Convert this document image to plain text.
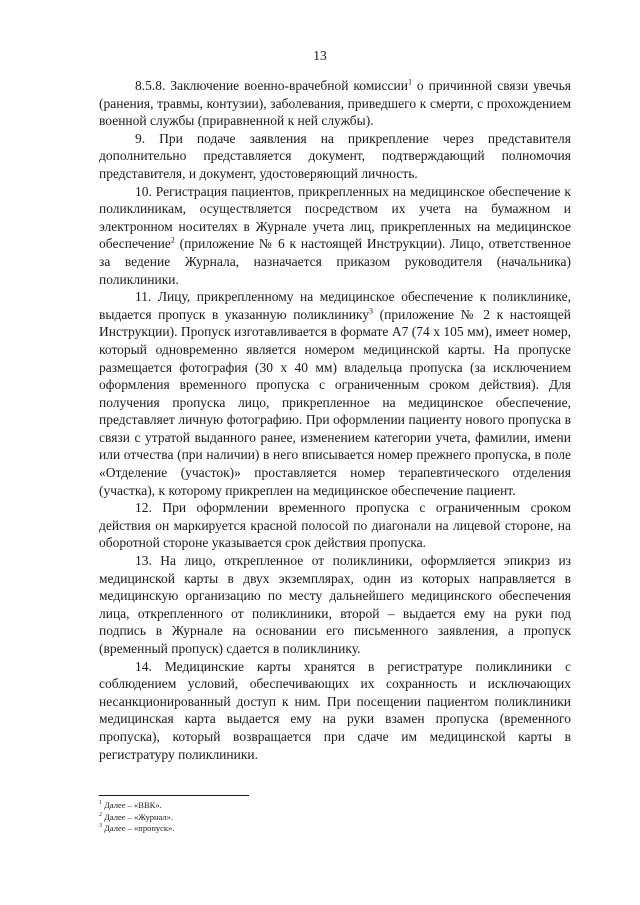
13

8.5.8. Заключение военно-врачебной комиссии$^1$ о причинной связи увечья (ранения, травмы, контузии), заболевания, приведшего к смерти, с прохождением военной службы (приравненной к ней службы).

9. При подаче заявления на прикрепление через представителя дополнительно представляется документ, подтверждающий полномочия представителя, и документ, удостоверяющий личность.

10. Регистрация пациентов, прикрепленных на медицинское обеспечение к поликлиникам, осуществляется посредством их учета на бумажном и электронном носителях в Журнале учета лиц, прикрепленных на медицинское обеспечение$^2$ (приложение № 6 к настоящей Инструкции). Лицо, ответственное за ведение Журнала, назначается приказом руководителя (начальника) поликлиники.

11. Лицу, прикрепленному на медицинское обеспечение к поликлинике, выдается пропуск в указанную поликлинику$^3$ (приложение № 2 к настоящей Инструкции). Пропуск изготавливается в формате А7 (74 х 105 мм), имеет номер, который одновременно является номером медицинской карты. На пропуске размещается фотография (30 х 40 мм) владельца пропуска (за исключением оформления временного пропуска с ограниченным сроком действия). Для получения пропуска лицо, прикрепленное на медицинское обеспечение, представляет личную фотографию. При оформлении пациенту нового пропуска в связи с утратой выданного ранее, изменением категории учета, фамилии, имени или отчества (при наличии) в него вписывается номер прежнего пропуска, в поле «Отделение (участок)» проставляется номер терапевтического отделения (участка), к которому прикреплен на медицинское обеспечение пациент.

12. При оформлении временного пропуска с ограниченным сроком действия он маркируется красной полосой по диагонали на лицевой стороне, на оборотной стороне указывается срок действия пропуска.

13. На лицо, открепленное от поликлиники, оформляется эпикриз из медицинской карты в двух экземплярах, один из которых направляется в медицинскую организацию по месту дальнейшего медицинского обеспечения лица, открепленного от поликлиники, второй – выдается ему на руки под подпись в Журнале на основании его письменного заявления, а пропуск (временный пропуск) сдается в поликлинику.

14. Медицинские карты хранятся в регистратуре поликлиники с соблюдением условий, обеспечивающих их сохранность и исключающих несанкционированный доступ к ним. При посещении пациентом поликлиники медицинская карта выдается ему на руки взамен пропуска (временного пропуска), который возвращается при сдаче им медицинской карты в регистратуру поликлиники.

$^1$ Далее – «ВВК».

$^2$ Далее – «Журнал».

$^3$ Далее – «пропуск».
